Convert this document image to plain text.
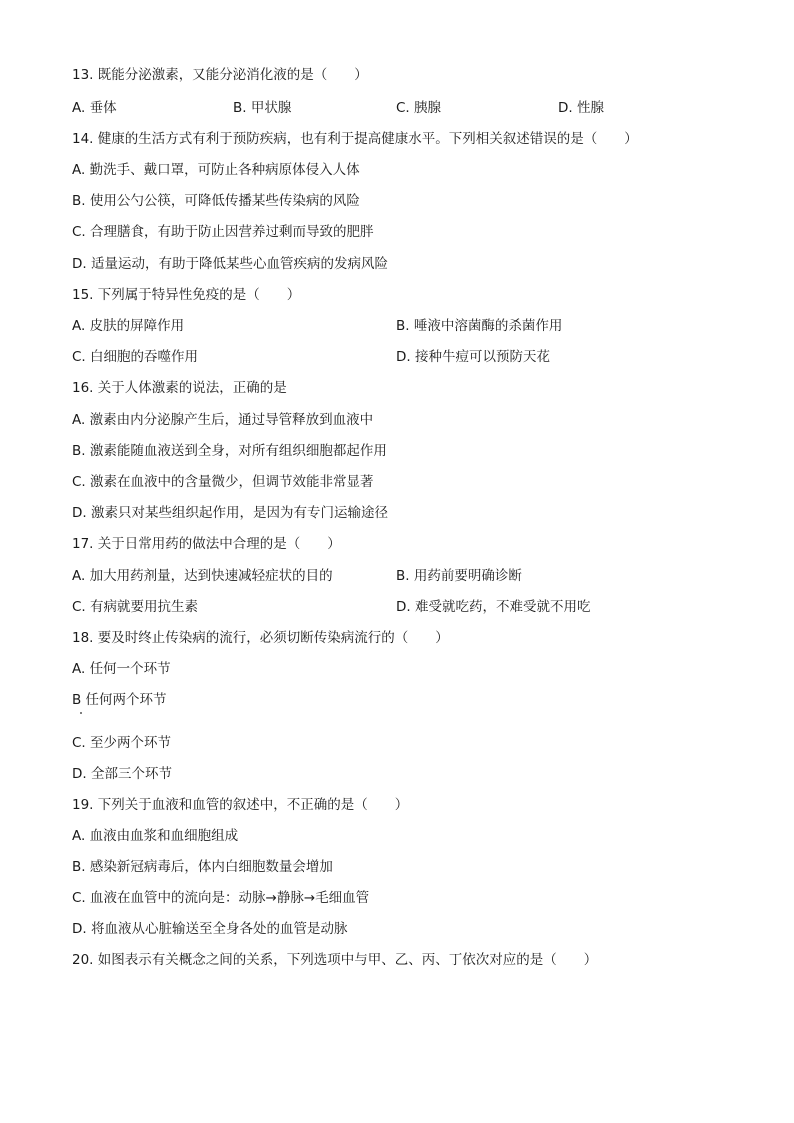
13. 既能分泌激素，又能分泌消化液的是（　　）
A. 垂体	B. 甲状腺	C. 胰腺	D. 性腺
14. 健康的生活方式有利于预防疾病，也有利于提高健康水平。下列相关叙述错误的是（　　）
A. 勤洗手、戴口罩，可防止各种病原体侵入人体
B. 使用公勺公筷，可降低传播某些传染病的风险
C. 合理膳食，有助于防止因营养过剩而导致的肥胖
D. 适量运动，有助于降低某些心血管疾病的发病风险
15. 下列属于特异性免疫的是（　　）
A. 皮肤的屏障作用	B. 唾液中溶菌酶的杀菌作用
C. 白细胞的吞噬作用	D. 接种牛痘可以预防天花
16. 关于人体激素的说法，正确的是
A. 激素由内分泌腺产生后，通过导管释放到血液中
B. 激素能随血液送到全身，对所有组织细胞都起作用
C. 激素在血液中的含量微少，但调节效能非常显著
D. 激素只对某些组织起作用，是因为有专门运输途径
17. 关于日常用药的做法中合理的是（　　）
A. 加大用药剂量，达到快速减轻症状的目的	B. 用药前要明确诊断
C. 有病就要用抗生素	D. 难受就吃药，不难受就不用吃
18. 要及时终止传染病的流行，必须切断传染病流行的（　　）
A. 任何一个环节
B 任何两个环节
C. 至少两个环节
D. 全部三个环节
19. 下列关于血液和血管的叙述中，不正确的是（　　）
A. 血液由血浆和血细胞组成
B. 感染新冠病毒后，体内白细胞数量会增加
C. 血液在血管中的流向是：动脉→静脉→毛细血管
D. 将血液从心脏输送至全身各处的血管是动脉
20. 如图表示有关概念之间的关系，下列选项中与甲、乙、丙、丁依次对应的是（　　）
